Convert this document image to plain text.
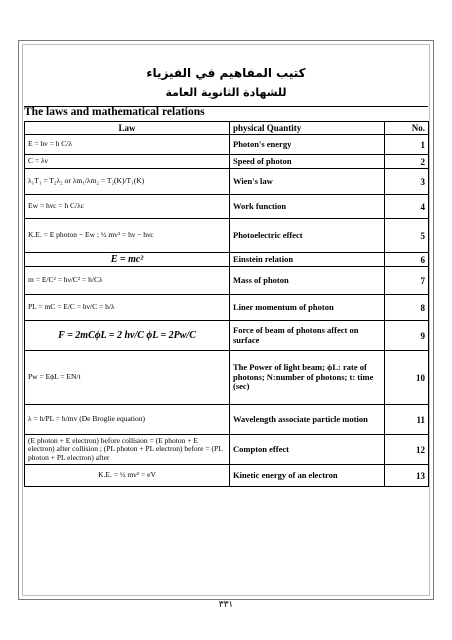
كتيب المفاهيم في الفيزياء
للشهادة الثانوية العامة
The laws and mathematical relations
Law	physical Quantity	No.
E = hν = h C/λ	Photon's energy	1
C = λν	Speed of photon	2
λ₁T₁ = T₂λ₂ or λm₁/λm₂ = T₂(K)/T₁(K)	Wien's law	3
Ew = hνc = h C/λc	Work function	4
K.E. = E photon − Ew ; ½ mv² = hν − hνc	Photoelectric effect	5
E = mc²	Einstein relation	6
m = E/C² = hν/C² = h/Cλ	Mass of photon	7
PL = mC = E/C = hν/C = h/λ	Liner momentum of photon	8
F = 2mCϕL = 2 hν/C ϕL = 2Pw/C	Force of beam of photons affect on surface	9
Pw = EϕL = EN/t	The Power of light beam; ϕL: rate of photons; N:number of photons; t: time (sec)	10
λ = h/PL = h/mv (De Broglie equation)	Wavelength associate particle motion	11
(E photon + E electron) before collision = (E photon + E electron) after collision ; (PL photon + PL electron) before = (PL photon + PL electron) after	Compton effect	12
K.E. = ½ mv² = eV	Kinetic energy of an electron	13
٣٣١
